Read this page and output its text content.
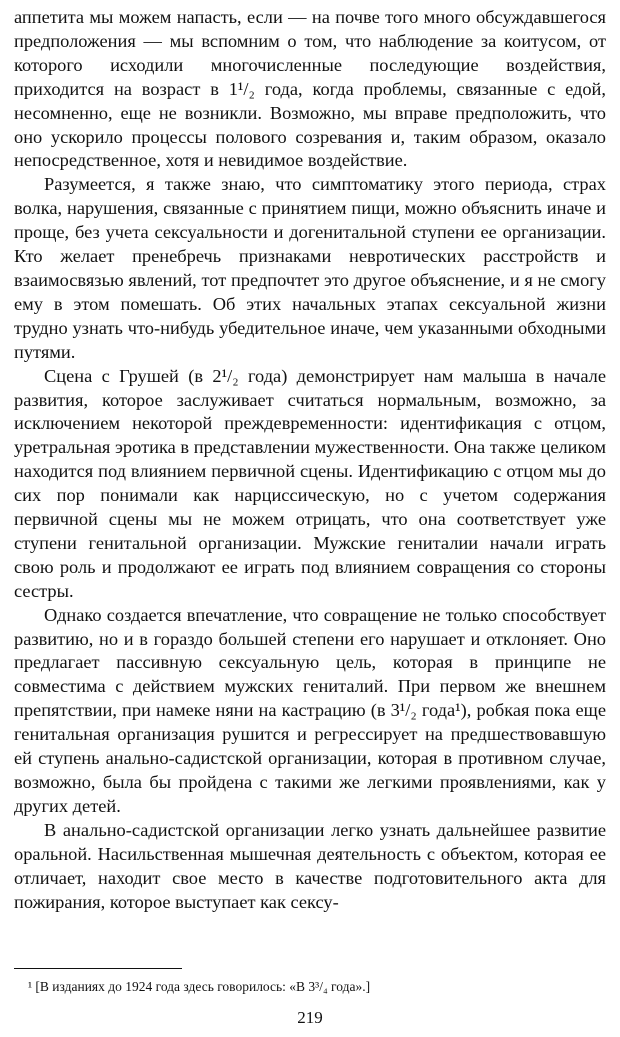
аппетита мы можем напасть, если — на почве того много обсуждавшегося предположения — мы вспомним о том, что наблюдение за коитусом, от которого исходили многочисленные последующие воздействия, приходится на возраст в 1¹/₂ года, когда проблемы, связанные с едой, несомненно, еще не возникли. Возможно, мы вправе предположить, что оно ускорило процессы полового созревания и, таким образом, оказало непосредственное, хотя и невидимое воздействие.

Разумеется, я также знаю, что симптоматику этого периода, страх волка, нарушения, связанные с принятием пищи, можно объяснить иначе и проще, без учета сексуальности и догенитальной ступени ее организации. Кто желает пренебречь признаками невротических расстройств и взаимосвязью явлений, тот предпочтет это другое объяснение, и я не смогу ему в этом помешать. Об этих начальных этапах сексуальной жизни трудно узнать что-нибудь убедительное иначе, чем указанными обходными путями.

Сцена с Грушей (в 2¹/₂ года) демонстрирует нам малыша в начале развития, которое заслуживает считаться нормальным, возможно, за исключением некоторой преждевременности: идентификация с отцом, уретральная эротика в представлении мужественности. Она также целиком находится под влиянием первичной сцены. Идентификацию с отцом мы до сих пор понимали как нарциссическую, но с учетом содержания первичной сцены мы не можем отрицать, что она соответствует уже ступени генитальной организации. Мужские гениталии начали играть свою роль и продолжают ее играть под влиянием совращения со стороны сестры.

Однако создается впечатление, что совращение не только способствует развитию, но и в гораздо большей степени его нарушает и отклоняет. Оно предлагает пассивную сексуальную цель, которая в принципе не совместима с действием мужских гениталий. При первом же внешнем препятствии, при намеке няни на кастрацию (в 3¹/₂ года¹), робкая пока еще генитальная организация рушится и регрессирует на предшествовавшую ей ступень анально-садистской организации, которая в противном случае, возможно, была бы пройдена с такими же легкими проявлениями, как у других детей.

В анально-садистской организации легко узнать дальнейшее развитие оральной. Насильственная мышечная деятельность с объектом, которая ее отличает, находит свое место в качестве подготовительного акта для пожирания, которое выступает как сексу-

¹ [В изданиях до 1924 года здесь говорилось: «В 3³/₄ года».]
219
